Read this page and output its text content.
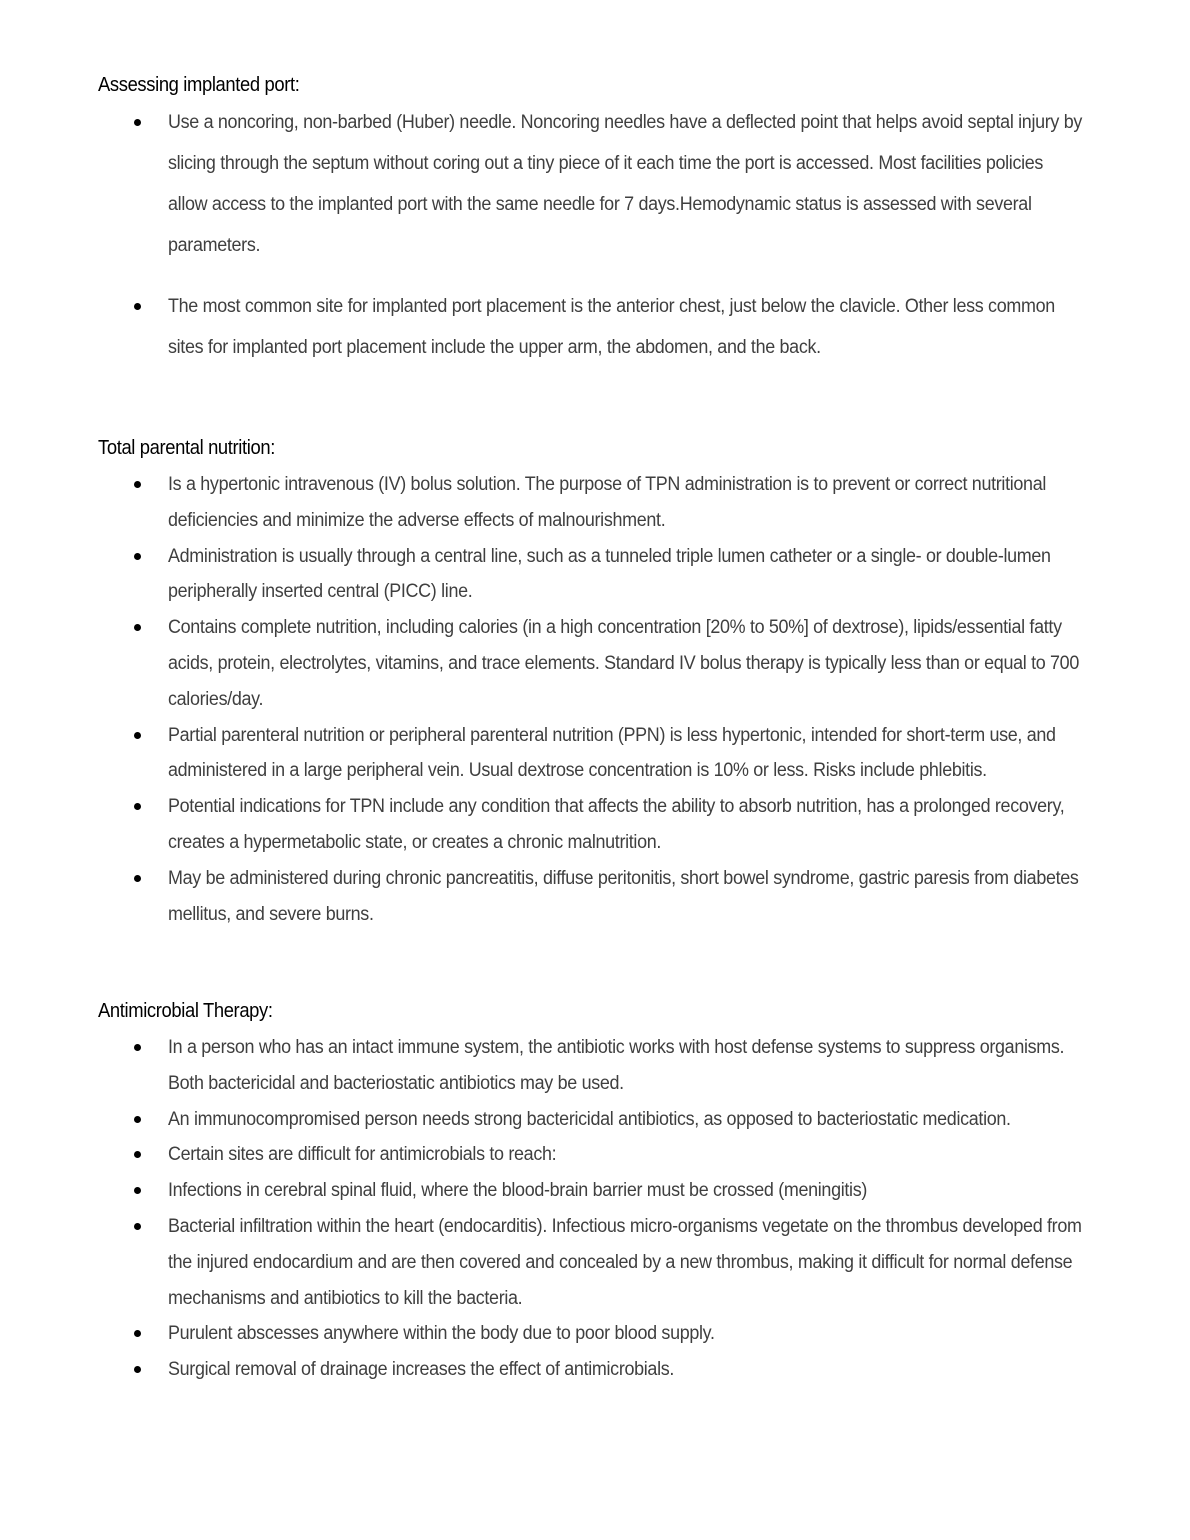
Assessing implanted port:
Use a noncoring, non-barbed (Huber) needle. Noncoring needles have a deflected point that helps avoid septal injury by slicing through the septum without coring out a tiny piece of it each time the port is accessed. Most facilities policies allow access to the implanted port with the same needle for 7 days.Hemodynamic status is assessed with several parameters.
The most common site for implanted port placement is the anterior chest, just below the clavicle. Other less common sites for implanted port placement include the upper arm, the abdomen, and the back.
Total parental nutrition:
Is a hypertonic intravenous (IV) bolus solution. The purpose of TPN administration is to prevent or correct nutritional deficiencies and minimize the adverse effects of malnourishment.
Administration is usually through a central line, such as a tunneled triple lumen catheter or a single- or double-lumen peripherally inserted central (PICC) line.
Contains complete nutrition, including calories (in a high concentration [20% to 50%] of dextrose), lipids/essential fatty acids, protein, electrolytes, vitamins, and trace elements. Standard IV bolus therapy is typically less than or equal to 700 calories/day.
Partial parenteral nutrition or peripheral parenteral nutrition (PPN) is less hypertonic, intended for short-term use, and administered in a large peripheral vein. Usual dextrose concentration is 10% or less. Risks include phlebitis.
Potential indications for TPN include any condition that affects the ability to absorb nutrition, has a prolonged recovery, creates a hypermetabolic state, or creates a chronic malnutrition.
May be administered during chronic pancreatitis, diffuse peritonitis, short bowel syndrome, gastric paresis from diabetes mellitus, and severe burns.
Antimicrobial Therapy:
In a person who has an intact immune system, the antibiotic works with host defense systems to suppress organisms. Both bactericidal and bacteriostatic antibiotics may be used.
An immunocompromised person needs strong bactericidal antibiotics, as opposed to bacteriostatic medication.
Certain sites are difficult for antimicrobials to reach:
Infections in cerebral spinal fluid, where the blood-brain barrier must be crossed (meningitis)
Bacterial infiltration within the heart (endocarditis). Infectious micro-organisms vegetate on the thrombus developed from the injured endocardium and are then covered and concealed by a new thrombus, making it difficult for normal defense mechanisms and antibiotics to kill the bacteria.
Purulent abscesses anywhere within the body due to poor blood supply.
Surgical removal of drainage increases the effect of antimicrobials.
